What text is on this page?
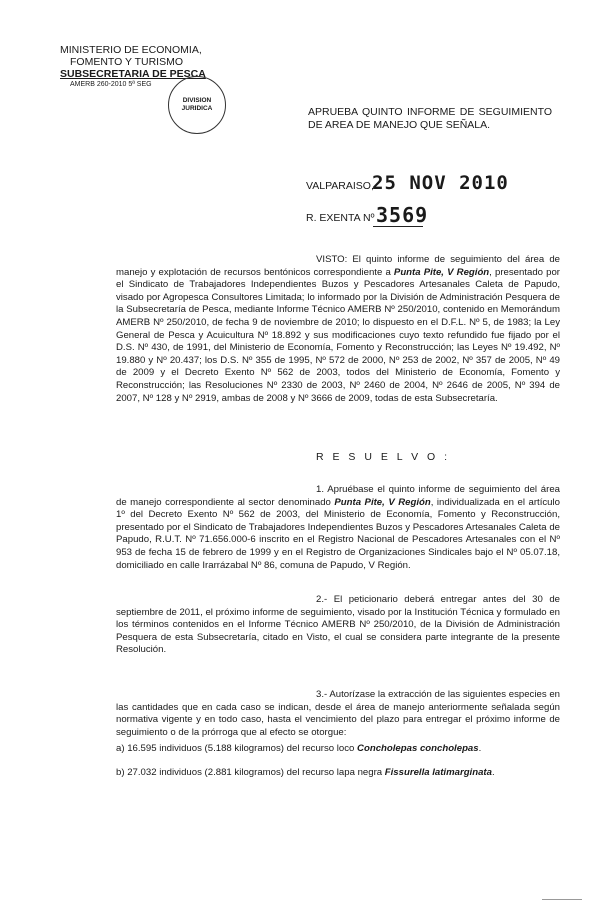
MINISTERIO DE ECONOMIA,
FOMENTO Y TURISMO
SUBSECRETARIA DE PESCA
AMERB 260-2010 5ª SEG
DIVISION
JURIDICA	APRUEBA QUINTO INFORME DE SEGUIMIENTO DE AREA DE MANEJO QUE SEÑALA.
VALPARAISO,
25 NOV 2010
R. EXENTA Nº 3569
VISTO: El quinto informe de seguimiento del área de manejo y explotación de recursos bentónicos correspondiente a Punta Pite, V Región, presentado por el Sindicato de Trabajadores Independientes Buzos y Pescadores Artesanales Caleta de Papudo, visado por Agropesca Consultores Limitada; lo informado por la División de Administración Pesquera de la Subsecretaría de Pesca, mediante Informe Técnico AMERB Nº 250/2010, contenido en Memorándum AMERB Nº 250/2010, de fecha 9 de noviembre de 2010; lo dispuesto en el D.F.L. Nº 5, de 1983; la Ley General de Pesca y Acuicultura Nº 18.892 y sus modificaciones cuyo texto refundido fue fijado por el D.S. Nº 430, de 1991, del Ministerio de Economía, Fomento y Reconstrucción; las Leyes Nº 19.492, Nº 19.880 y Nº 20.437; los D.S. Nº 355 de 1995, Nº 572 de 2000, Nº 253 de 2002, Nº 357 de 2005, Nº 49 de 2009 y el Decreto Exento Nº 562 de 2003, todos del Ministerio de Economía, Fomento y Reconstrucción; las Resoluciones Nº 2330 de 2003, Nº 2460 de 2004, Nº 2646 de 2005, Nº 394 de 2007, Nº 128 y Nº 2919, ambas de 2008 y Nº 3666 de 2009, todas de esta Subsecretaría.
R E S U E L V O :
1. Apruébase el quinto informe de seguimiento del área de manejo correspondiente al sector denominado Punta Pite, V Región, individualizada en el artículo 1º del Decreto Exento Nº 562 de 2003, del Ministerio de Economía, Fomento y Reconstrucción, presentado por el Sindicato de Trabajadores Independientes Buzos y Pescadores Artesanales Caleta de Papudo, R.U.T. Nº 71.656.000-6 inscrito en el Registro Nacional de Pescadores Artesanales con el Nº 953 de fecha 15 de febrero de 1999 y en el Registro de Organizaciones Sindicales bajo el Nº 05.07.18, domiciliado en calle Irarrázabal Nº 86, comuna de Papudo, V Región.
2.- El peticionario deberá entregar antes del 30 de septiembre de 2011, el próximo informe de seguimiento, visado por la Institución Técnica y formulado en los términos contenidos en el Informe Técnico AMERB Nº 250/2010, de la División de Administración Pesquera de esta Subsecretaría, citado en Visto, el cual se considera parte integrante de la presente Resolución.
3.- Autorízase la extracción de las siguientes especies en las cantidades que en cada caso se indican, desde el área de manejo anteriormente señalada según normativa vigente y en todo caso, hasta el vencimiento del plazo para entregar el próximo informe de seguimiento o de la prórroga que al efecto se otorgue:
a) 16.595 individuos (5.188 kilogramos) del recurso loco Concholepas concholepas.
b) 27.032 individuos (2.881 kilogramos) del recurso lapa negra Fissurella latimarginata.
